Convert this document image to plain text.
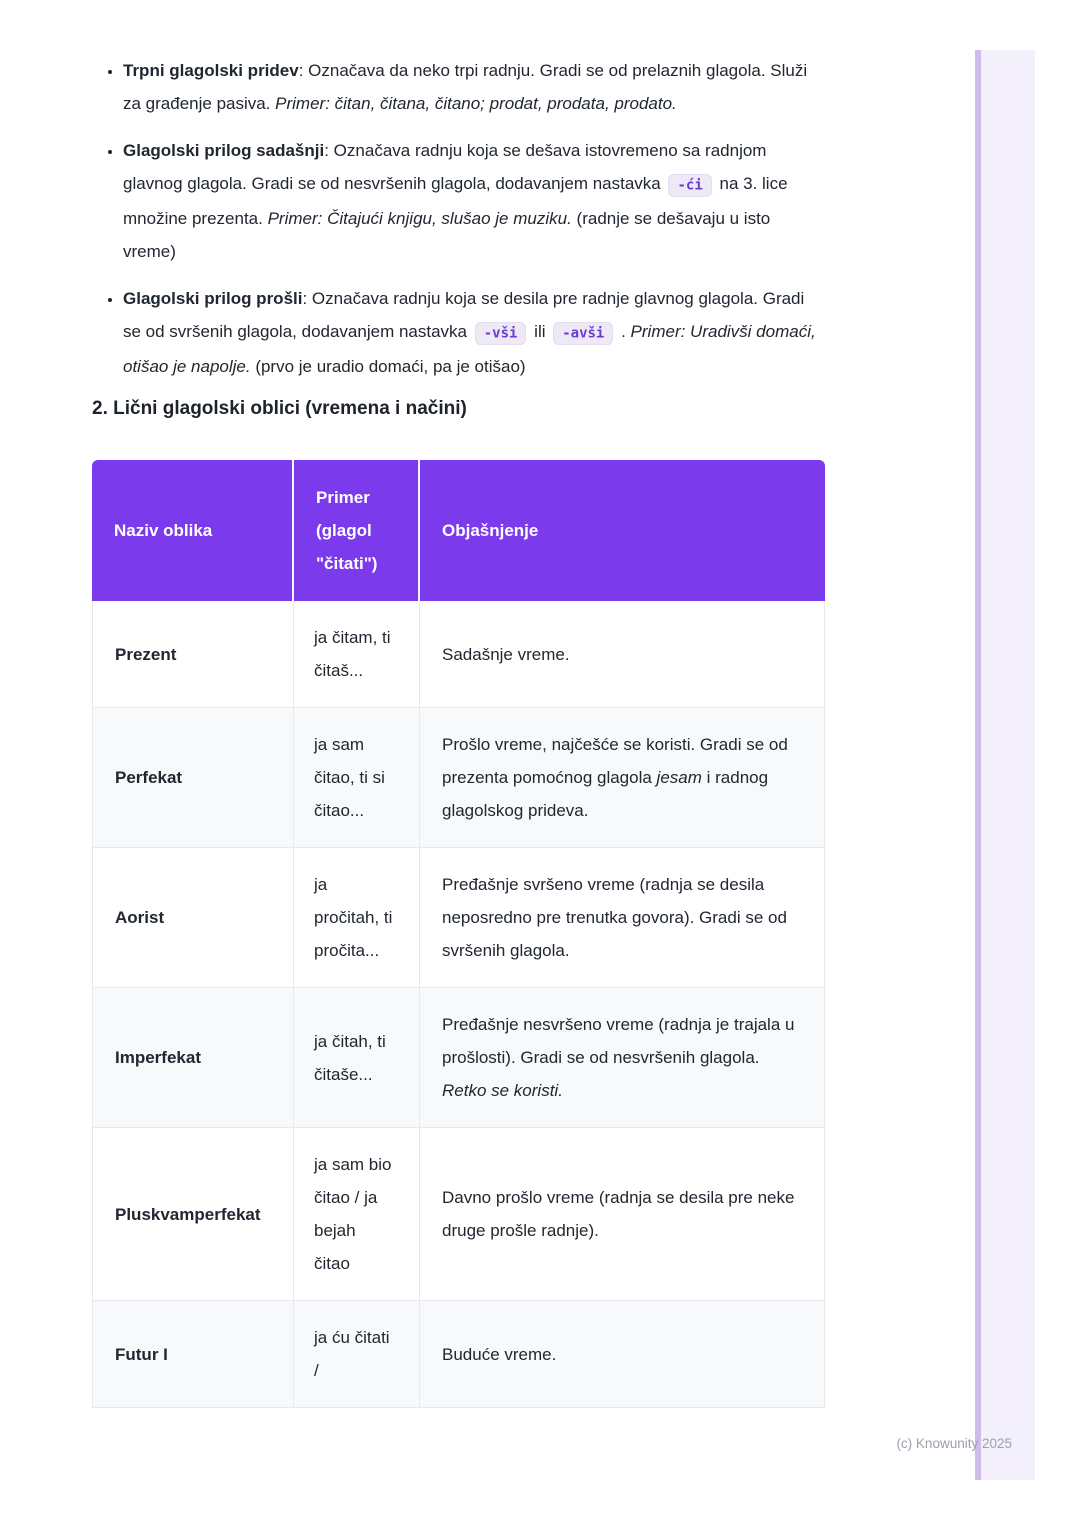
• Trpni glagolski pridev: Označava da neko trpi radnju. Gradi se od prelaznih glagola. Služi za građenje pasiva. Primer: čitan, čitana, čitano; prodat, prodata, prodato.
• Glagolski prilog sadašnji: Označava radnju koja se dešava istovremeno sa radnjom glavnog glagola. Gradi se od nesvršenih glagola, dodavanjem nastavka -ći na 3. lice množine prezenta. Primer: Čitajući knjigu, slušao je muziku. (radnje se dešavaju u isto vreme)
• Glagolski prilog prošli: Označava radnju koja se desila pre radnje glavnog glagola. Gradi se od svršenih glagola, dodavanjem nastavka -vši ili -avši . Primer: Uradivši domaći, otišao je napolje. (prvo je uradio domaći, pa je otišao)
2. Lični glagolski oblici (vremena i načini)
Naziv oblika	Primer (glagol "čitati")	Objašnjenje
Prezent	ja čitam, ti čitaš...	Sadašnje vreme.
Perfekat	ja sam čitao, ti si čitao...	Prošlo vreme, najčešće se koristi. Gradi se od prezenta pomoćnog glagola jesam i radnog glagolskog prideva.
Aorist	ja pročitah, ti pročita...	Pređašnje svršeno vreme (radnja se desila neposredno pre trenutka govora). Gradi se od svršenih glagola.
Imperfekat	ja čitah, ti čitaše...	Pređašnje nesvršeno vreme (radnja je trajala u prošlosti). Gradi se od nesvršenih glagola. Retko se koristi.
Pluskvamperfekat	ja sam bio čitao / ja bejah čitao	Davno prošlo vreme (radnja se desila pre neke druge prošle radnje).
Futur I	ja ću čitati /	Buduće vreme.
(c) Knowunity 2025
